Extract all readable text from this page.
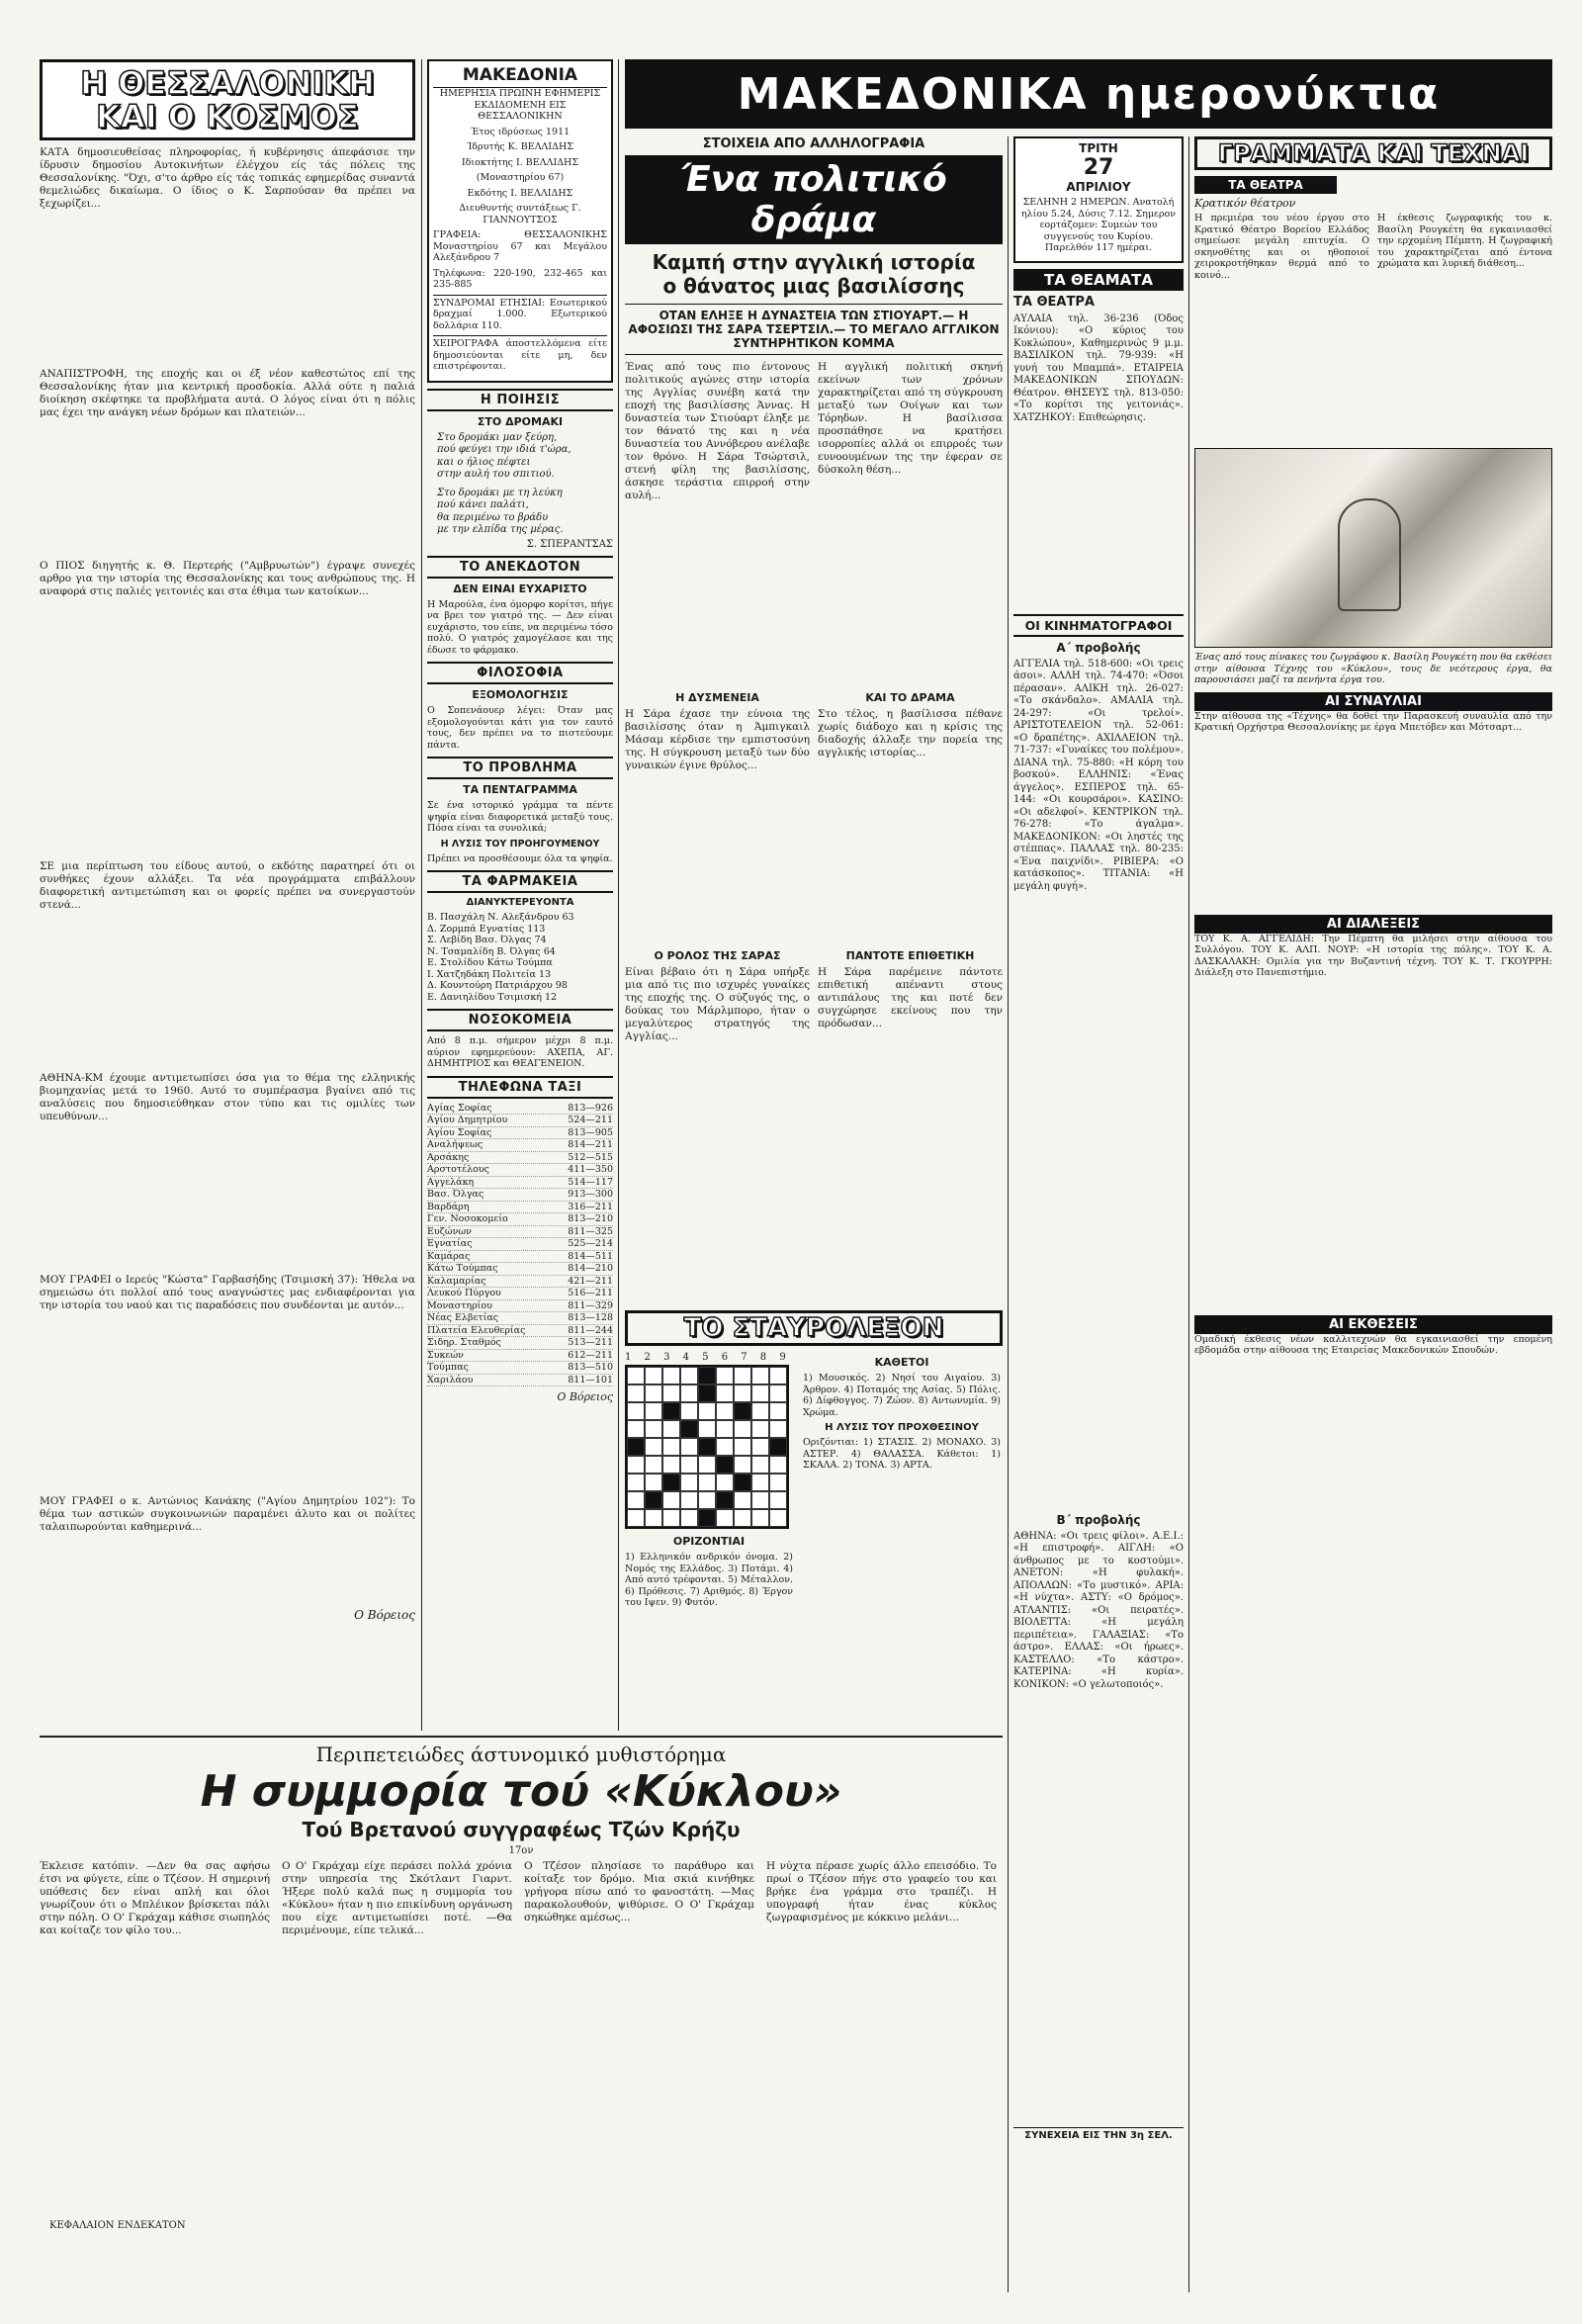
Η ΘΕΣΣΑΛΟΝΙΚΗ
ΚΑΙ Ο ΚΟΣΜΟΣ

ΚΑΤΑ δημοσιευθείσας πληροφορίας, ή κυβέρνησις άπεφάσισε την ίδρυσιν δημοσίου Αυτοκινήτων έλέγχου είς τάς πόλεις της Θεσσαλονίκης. "Όχι, σ'το άρθρο είς τάς τοπικάς εφημερίδας συναντά θεμελιώδες δικαίωμα. Ο ίδιος ο Κ. Σαρπούσαν θα πρέπει να ξεχωρίζει...

ΑΝΑΠΙΣΤΡΟΦΗ, της εποχής και οι έξ νέον καθεστώτος επί της Θεσσαλονίκης ήταν μια κεντρική προσδοκία. Αλλά ούτε η παλιά διοίκηση σκέφτηκε τα προβλήματα αυτά. Ο λόγος είναι ότι η πόλις μας έχει την ανάγκη νέων δρόμων και πλατειών...

Ο ΠΙΟΣ διηγητής κ. Θ. Περτερής ("Αμβρυωτών") έγραψε συνεχές αρθρο για την ιστορία της Θεσσαλονίκης και τους ανθρώπους της. Η αναφορά στις παλιές γειτονιές και στα έθιμα των κατοίκων...

ΣΕ μια περίπτωση του είδους αυτού, ο εκδότης παρατηρεί ότι οι συνθήκες έχουν αλλάξει. Τα νέα προγράμματα επιβάλλουν διαφορετική αντιμετώπιση και οι φορείς πρέπει να συνεργαστούν στενά...

ΑΘΗΝΑ-ΚΜ έχουμε αντιμετωπίσει όσα για το θέμα της ελληνικής βιομηχανίας μετά το 1960. Αυτό το συμπέρασμα βγαίνει από τις αναλύσεις που δημοσιεύθηκαν στον τύπο και τις ομιλίες των υπευθύνων...

ΜΟΥ ΓΡΑΦΕΙ ο Ιερεύς "Κώστα" Γαρβασήδης (Τσιμισκή 37): Ήθελα να σημειώσω ότι πολλοί από τους αναγνώστες μας ενδιαφέρονται για την ιστορία του ναού και τις παραδόσεις που συνδέονται με αυτόν...

ΜΟΥ ΓΡΑΦΕΙ ο κ. Αντώνιος Κανάκης ("Αγίου Δημητρίου 102"): Το θέμα των αστικών συγκοινωνιών παραμένει άλυτο και οι πολίτες ταλαιπωρούνται καθημερινά...

Ο Βόρειος
ΜΑΚΕΔΟΝΙΑ
ΗΜΕΡΗΣΙΑ ΠΡΩΙΝΗ ΕΦΗΜΕΡΙΣ ΕΚΔΙΔΟΜΕΝΗ ΕΙΣ ΘΕΣΣΑΛΟΝΙΚΗΝ
Έτος ιδρύσεως 1911
Ίδρυτής Κ. ΒΕΛΛΙΔΗΣ
Ιδιοκτήτης Ι. ΒΕΛΛΙΔΗΣ
(Μοναστηρίου 67)
Εκδότης Ι. ΒΕΛΛΙΔΗΣ
Διευθυντής συντάξεως Γ. ΓΙΑΝΝΟΥΤΣΟΣ
ΓΡΑΦΕΙΑ: ΘΕΣΣΑΛΟΝΙΚΗΣ Μοναστηρίου 67 και Μεγάλου Αλεξάνδρου 7
Τηλέφωνα: 220-190, 232-465 και 235-885
ΣΥΝΔΡΟΜΑΙ ΕΤΗΣΙΑΙ: Εσωτερικού δραχμαί 1.000. Εξωτερικού δολλάρια 110.
ΧΕΙΡΟΓΡΑΦΑ άποστελλόμενα είτε δημοσιεύονται είτε μη, δεν επιστρέφονται.
Η ΠΟΙΗΣΙΣ
ΣΤΟ ΔΡΟΜΑΚΙ
Στο δρομάκι μαν ξεύρη,
πού φεύγει την ιδιά τ'ώρα,
και ο ήλιος πέφτει
στην αυλή του σπιτιού.
Στο δρομάκι με τη λεύκη
πού κάνει παλάτι,
θα περιμένω το βράδυ
με την ελπίδα της μέρας.
Σ. ΣΠΕΡΑΝΤΣΑΣ
ΤΟ ΑΝΕΚΔΟΤΟΝ
ΔΕΝ ΕΙΝΑΙ ΕΥΧΑΡΙΣΤΟ

Η Μαρούλα, ένα όμορφο κορίτσι, πήγε να βρει τον γιατρό της. — Δεν είναι ευχάριστο, του είπε, να περιμένω τόσο πολύ. Ο γιατρός χαμογέλασε και της έδωσε το φάρμακο.

ΦΙΛΟΣΟΦΙΑ
ΕΞΟΜΟΛΟΓΗΣΙΣ

Ο Σοπενάουερ λέγει: Όταν μας εξομολογούνται κάτι για τον εαυτό τους, δεν πρέπει να το πιστεύουμε πάντα.

ΤΟ ΠΡΟΒΛΗΜΑ
ΤΑ ΠΕΝΤΑΓΡΑΜΜΑ

Σε ένα ιστορικό γράμμα τα πέντε ψηφία είναι διαφορετικά μεταξύ τους. Πόσα είναι τα συνολικά;

Η ΛΥΣΙΣ ΤΟΥ ΠΡΟΗΓΟΥΜΕΝΟΥ

Πρέπει να προσθέσουμε όλα τα ψηφία.

ΤΑ ΦΑΡΜΑΚΕΙΑ
ΔΙΑΝΥΚΤΕΡΕΥΟΝΤΑ
Β. Πασχάλη Ν. Αλεξάνδρου 63
Δ. Ζορμπά Εγνατίας 113
Σ. Λεβίδη Βασ. Όλγας 74
Ν. Τσαμαλίδη Β. Όλγας 64
Ε. Στολίδου Κάτω Τούμπα
Ι. Χατζηδάκη Πολιτεία 13
Δ. Κουντούρη Πατριάρχου 98
Ε. Δανιηλίδου Τσιμισκή 12
ΝΟΣΟΚΟΜΕΙΑ

Από 8 π.μ. σήμερον μέχρι 8 π.μ. αύριον εφημερεύουν: ΑΧΕΠΑ, ΑΓ. ΔΗΜΗΤΡΙΟΣ και ΘΕΑΓΕΝΕΙΟΝ.

ΤΗΛΕΦΩΝΑ ΤΑΞΙ
Αγίας Σοφίας	813—926
Αγίου Δημητρίου	524—211
Αγίου Σοφίας	813—905
Αναλήψεως	814—211
Αρσάκης	512—515
Αρστοτέλους	411—350
Αγγελάκη	514—117
Βασ. Όλγας	913—300
Βαρδάρη	316—211
Γεν. Νοσοκομείο	813—210
Ευζώνων	811—325
Εγνατίας	525—214
Καμάρας	814—511
Κάτω Τούμπας	814—210
Καλαμαρίας	421—211
Λευκού Πύργου	516—211
Μοναστηρίου	811—329
Νέας Ελβετίας	813—128
Πλατεία Ελευθερίας	811—244
Σιδηρ. Σταθμός	513—211
Συκεών	612—211
Τούμπας	813—510
Χαριλάου	811—101
Ο Βόρειος
ΜΑΚΕΔΟΝΙΚΑ ημερονύκτια
ΣΤΟΙΧΕΙΑ ΑΠΟ ΑΛΛΗΛΟΓΡΑΦΙΑ
Ένα πολιτικό δράμα
Καμπή στην αγγλική ιστορία
ο θάνατος μιας βασιλίσσης
ΟΤΑΝ ΕΛΗΞΕ Η ΔΥΝΑΣΤΕΙΑ ΤΩΝ ΣΤΙΟΥΑΡΤ.— Η ΑΦΟΣΙΩΣΙ ΤΗΣ ΣΑΡΑ ΤΣΕΡΤΣΙΛ.— ΤΟ ΜΕΓΑΛΟ ΑΓΓΛΙΚΟΝ ΣΥΝΤΗΡΗΤΙΚΟΝ ΚΟΜΜΑ

Ένας από τους πιο έντονους πολιτικούς αγώνες στην ιστορία της Αγγλίας συνέβη κατά την εποχή της βασιλίσσης Άννας. Η δυναστεία των Στιούαρτ έληξε με τον θάνατό της και η νέα δυναστεία του Αννόβερου ανέλαβε τον θρόνο. Η Σάρα Τσώρτσιλ, στενή φίλη της βασιλίσσης, άσκησε τεράστια επιρροή στην αυλή...

Η ΔΥΣΜΕΝΕΙΑ

Η Σάρα έχασε την εύνοια της βασιλίσσης όταν η Άμπιγκαιλ Μάσαμ κέρδισε την εμπιστοσύνη της. Η σύγκρουση μεταξύ των δύο γυναικών έγινε θρύλος...

Ο ΡΟΛΟΣ ΤΗΣ ΣΑΡΑΣ

Είναι βέβαιο ότι η Σάρα υπήρξε μια από τις πιο ισχυρές γυναίκες της εποχής της. Ο σύζυγός της, ο δούκας του Μάρλμπορο, ήταν ο μεγαλύτερος στρατηγός της Αγγλίας...

Η αγγλική πολιτική σκηνή εκείνων των χρόνων χαρακτηρίζεται από τη σύγκρουση μεταξύ των Ουίγων και των Τόρηδων. Η βασίλισσα προσπάθησε να κρατήσει ισορροπίες αλλά οι επιρροές των ευνοουμένων της την έφεραν σε δύσκολη θέση...

ΚΑΙ ΤΟ ΔΡΑΜΑ

Στο τέλος, η βασίλισσα πέθανε χωρίς διάδοχο και η κρίσις της διαδοχής άλλαξε την πορεία της αγγλικής ιστορίας...

ΠΑΝΤΟΤΕ ΕΠΙΘΕΤΙΚΗ

Η Σάρα παρέμεινε πάντοτε επιθετική απέναντι στους αντιπάλους της και ποτέ δεν συγχώρησε εκείνους που την πρόδωσαν...

ΤΟ ΣΤΑΥΡΟΛΕΞΟΝ
1 2 3 4 5 6 7 8 9
ΟΡΙΖΟΝΤΙΑΙ

1) Ελληνικόν ανδρικόν όνομα. 2) Νομός της Ελλάδος. 3) Ποτάμι. 4) Από αυτό τρέφονται. 5) Μέταλλον. 6) Πρόθεσις. 7) Αριθμός. 8) Έργον του Ιψεν. 9) Φυτόν.

ΚΑΘΕΤΟΙ

1) Μουσικός. 2) Νησί του Αιγαίου. 3) Άρθρον. 4) Ποταμός της Ασίας. 5) Πόλις. 6) Δίφθογγος. 7) Ζώον. 8) Αντωνυμία. 9) Χρώμα.

Η ΛΥΣΙΣ ΤΟΥ ΠΡΟΧΘΕΣΙΝΟΥ

Οριζόντιαι: 1) ΣΤΑΣΙΣ. 2) ΜΟΝΑΧΟ. 3) ΑΣΤΕΡ. 4) ΘΑΛΑΣΣΑ. Κάθετοι: 1) ΣΚΑΛΑ. 2) ΤΟΝΑ. 3) ΑΡΤΑ.

ΤΡΙΤΗ
27
ΑΠΡΙΛΙΟΥ

ΣΕΛΗΝΗ 2 ΗΜΕΡΩΝ. Ανατολή ηλίου 5.24, Δύσις 7.12. Σημερον εορτάζομεν: Συμεών του συγγενούς του Κυρίου. Παρελθόν 117 ημέραι.

ΤΑ ΘΕΑΜΑΤΑ
ΤΑ ΘΕΑΤΡΑ

ΑΥΛΑΙΑ τηλ. 36-236 (Όδος Ικόνιου): «Ο κύριος του Κυκλώπου», Καθημερινώς 9 μ.μ. ΒΑΣΙΛΙΚΟΝ τηλ. 79-939: «Η γυνή του Μπαμπά». ΕΤΑΙΡΕΙΑ ΜΑΚΕΔΟΝΙΚΩΝ ΣΠΟΥΔΩΝ: Θέατρον. ΘΗΣΕΥΣ τηλ. 813-050: «Το κορίτσι της γειτονιάς». ΧΑΤΖΗΚΟΥ: Επιθεώρησις.

ΟΙ ΚΙΝΗΜΑΤΟΓΡΑΦΟΙ
Α΄ προβολής

ΑΓΓΕΛΙΑ τηλ. 518-600: «Οι τρεις άσοι». ΑΛΛΗ τηλ. 74-470: «Όσοι πέρασαν». ΑΛΙΚΗ τηλ. 26-027: «Το σκάνδαλο». ΑΜΑΛΙΑ τηλ. 24-297: «Οι τρελοί». ΑΡΙΣΤΟΤΕΛΕΙΟΝ τηλ. 52-061: «Ο δραπέτης». ΑΧΙΛΛΕΙΟΝ τηλ. 71-737: «Γυναίκες του πολέμου». ΔΙΑΝΑ τηλ. 75-880: «Η κόρη του βοσκού». ΕΛΛΗΝΙΣ: «Ένας άγγελος». ΕΣΠΕΡΟΣ τηλ. 65-144: «Οι κουρσάροι». ΚΑΣΙΝΟ: «Οι αδελφοί». ΚΕΝΤΡΙΚΟΝ τηλ. 76-278: «Το άγαλμα». ΜΑΚΕΔΟΝΙΚΟΝ: «Οι ληστές της στέππας». ΠΑΛΛΑΣ τηλ. 80-235: «Ένα παιχνίδι». ΡΙΒΙΕΡΑ: «Ο κατάσκοπος». ΤΙΤΑΝΙΑ: «Η μεγάλη φυγή».

Β΄ προβολής

ΑΘΗΝΑ: «Οι τρεις φίλοι». Α.Ε.Ι.: «Η επιστροφή». ΑΙΓΛΗ: «Ο άνθρωπος με το κοστούμι». ΑΝΕΤΟΝ: «Η φυλακή». ΑΠΟΛΛΩΝ: «Το μυστικό». ΑΡΙΑ: «Η νύχτα». ΑΣΤΥ: «Ο δρόμος». ΑΤΛΑΝΤΙΣ: «Οι πειρατές». ΒΙΟΛΕΤΤΑ: «Η μεγάλη περιπέτεια». ΓΑΛΑΞΙΑΣ: «Το άστρο». ΕΛΛΑΣ: «Οι ήρωες». ΚΑΣΤΕΛΛΟ: «Το κάστρο». ΚΑΤΕΡΙΝΑ: «Η κυρία». ΚΟΝΙΚΟΝ: «Ο γελωτοποιός».

ΣΥΝΕΧΕΙΑ ΕΙΣ ΤΗΝ 3η ΣΕΛ.
ΓΡΑΜΜΑΤΑ ΚΑΙ ΤΕΧΝΑΙ
ΤΑ ΘΕΑΤΡΑ
Κρατικόν θέατρον

Η πρεμιέρα του νέου έργου στο Κρατικό Θέατρο Βορείου Ελλάδος σημείωσε μεγάλη επιτυχία. Ο σκηνοθέτης και οι ηθοποιοί χειροκροτήθηκαν θερμά από το κοινό...

Η έκθεσις ζωγραφικής του κ. Βασίλη Ρουγκέτη θα εγκαινιασθεί την ερχομένη Πέμπτη. Η ζωγραφική του χαρακτηρίζεται από έντονα χρώματα και λυρική διάθεση...

Ένας από τους πίνακες του ζωγράφου κ. Βασίλη Ρουγκέτη που θα εκθέσει στην αίθουσα Τέχνης του «Κύκλου», τους δε νεότερους έργα, θα παρουσιάσει μαζί τα πενήντα έργα του.

ΑΙ ΣΥΝΑΥΛΙΑΙ

Στην αίθουσα της «Τέχνης» θα δοθεί την Παρασκευή συναυλία από την Κρατική Ορχήστρα Θεσσαλονίκης με έργα Μπετόβεν και Μότσαρτ...

ΑΙ ΔΙΑΛΕΞΕΙΣ

ΤΟΥ Κ. Α. ΑΓΓΕΛΙΔΗ: Την Πέμπτη θα μιλήσει στην αίθουσα του Συλλόγου. ΤΟΥ Κ. ΑΛΠ. ΝΟΥΡ: «Η ιστορία της πόλης». ΤΟΥ Κ. Α. ΔΑΣΚΑΛΑΚΗ: Ομιλία για την Βυζαντινή τέχνη. ΤΟΥ Κ. Τ. ΓΚΟΥΡΡΗ: Διάλεξη στο Πανεπιστήμιο.

ΑΙ ΕΚΘΕΣΕΙΣ

Ομαδική έκθεσις νέων καλλιτεχνών θα εγκαινιασθεί την επομένη εβδομάδα στην αίθουσα της Εταιρείας Μακεδονικών Σπουδών.

Περιπετειώδες άστυνομικό μυθιστόρημα
Η συμμορία τού «Κύκλου»
Τού Βρετανού συγγραφέως Τζών Κρήζυ
17ον

Έκλεισε κατόπιν. —Δεν θα σας αφήσω έτσι να φύγετε, είπε ο Τζέσον. Η σημερινή υπόθεσις δεν είναι απλή και όλοι γνωρίζουν ότι ο Μπλέικον βρίσκεται πάλι στην πόλη. Ο Ο' Γκράχαμ κάθισε σιωπηλός και κοίταζε τον φίλο του...

Ο Ο' Γκράχαμ είχε περάσει πολλά χρόνια στην υπηρεσία της Σκότλαντ Γιαρντ. Ήξερε πολύ καλά πως η συμμορία του «Κύκλου» ήταν η πιο επικίνδυνη οργάνωση που είχε αντιμετωπίσει ποτέ. —Θα περιμένουμε, είπε τελικά...

Ο Τζέσον πλησίασε το παράθυρο και κοίταξε τον δρόμο. Μια σκιά κινήθηκε γρήγορα πίσω από το φανοστάτη. —Μας παρακολουθούν, ψιθύρισε. Ο Ο' Γκράχαμ σηκώθηκε αμέσως...

Η νύχτα πέρασε χωρίς άλλο επεισόδιο. Το πρωί ο Τζέσον πήγε στο γραφείο του και βρήκε ένα γράμμα στο τραπέζι. Η υπογραφή ήταν ένας κύκλος ζωγραφισμένος με κόκκινο μελάνι...

ΚΕΦΑΛΑΙΟΝ ΕΝΔΕΚΑΤΟΝ
